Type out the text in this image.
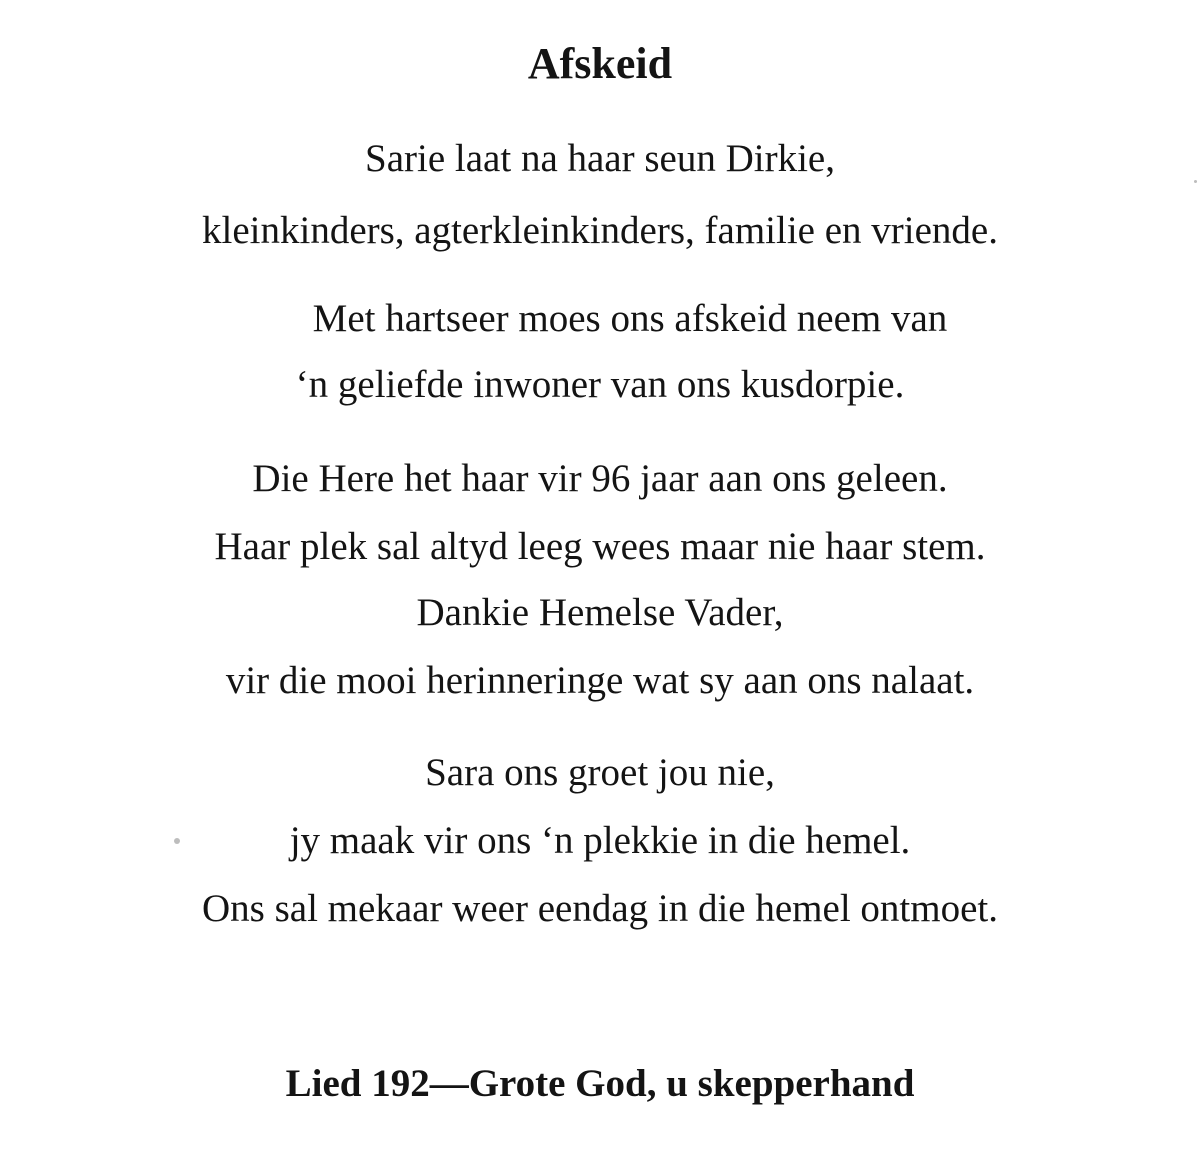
Afskeid
Sarie laat na haar seun Dirkie,
kleinkinders, agterkleinkinders, familie en vriende.
Met hartseer moes ons afskeid neem van
‘n geliefde inwoner van ons kusdorpie.
Die Here het haar vir 96 jaar aan ons geleen.
Haar plek sal altyd leeg wees maar nie haar stem.
Dankie Hemelse Vader,
vir die mooi herinneringe wat sy aan ons nalaat.
Sara ons groet jou nie,
jy maak vir ons ‘n plekkie in die hemel.
Ons sal mekaar weer eendag in die hemel ontmoet.
Lied 192—Grote God, u skepperhand
